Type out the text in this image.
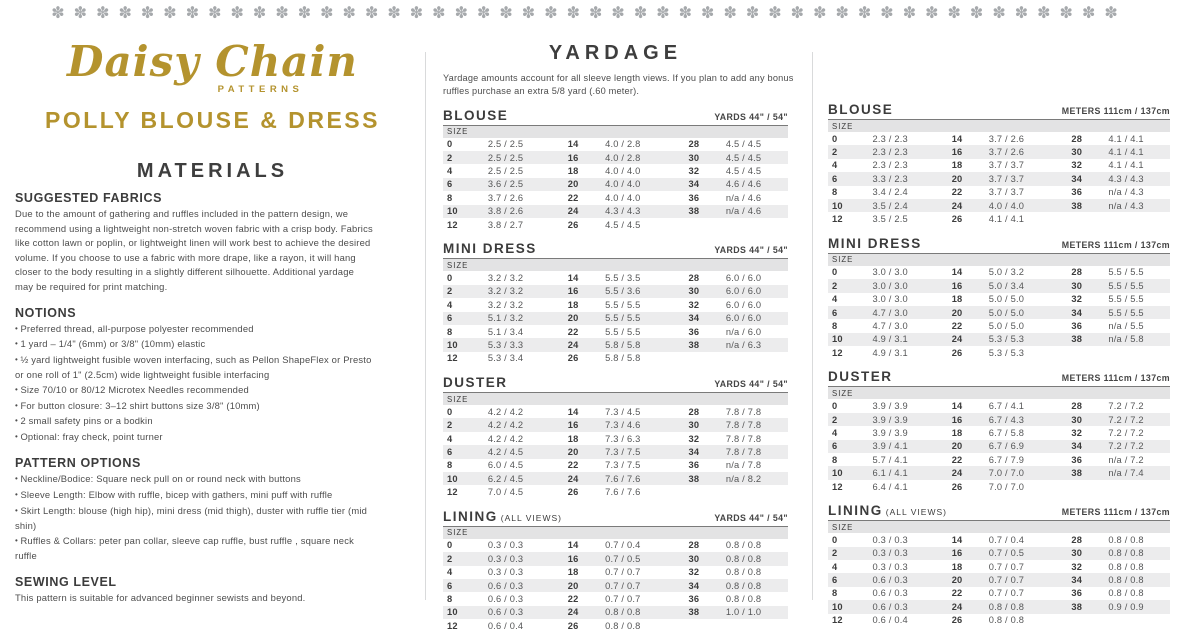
✽✽✽✽✽✽✽✽✽✽✽✽✽✽✽✽✽✽✽✽✽✽✽✽✽✽✽✽✽✽✽✽✽✽✽✽✽✽✽✽✽✽✽✽✽✽✽✽
Daisy Chain
PATTERNS
POLLY BLOUSE & DRESS
MATERIALS
SUGGESTED FABRICS
Due to the amount of gathering and ruffles included in the pattern design, we recommend using a lightweight non-stretch woven fabric with a crisp body. Fabrics like cotton lawn or poplin, or lightweight linen will work best to achieve the desired volume. If you choose to use a fabric with more drape, like a rayon, it will hang closer to the body resulting in a slightly different silhouette. Additional yardage may be required for print matching.
NOTIONS
• Preferred thread, all-purpose polyester recommended
• 1 yard – 1/4" (6mm) or 3/8" (10mm) elastic
• ½ yard lightweight fusible woven interfacing, such as Pellon ShapeFlex or Presto or one roll of 1" (2.5cm) wide lightweight fusible interfacing
• Size 70/10 or 80/12 Microtex Needles recommended
• For button closure: 3–12 shirt buttons size 3/8" (10mm)
• 2 small safety pins or a bodkin
• Optional: fray check, point turner
PATTERN OPTIONS
• Neckline/Bodice: Square neck pull on or round neck with buttons
• Sleeve Length: Elbow with ruffle, bicep with gathers, mini puff with ruffle
• Skirt Length: blouse (high hip), mini dress (mid thigh), duster with ruffle tier (mid shin)
• Ruffles & Collars: peter pan collar, sleeve cap ruffle, bust ruffle , square neck ruffle
SEWING LEVEL
This pattern is suitable for advanced beginner sewists and beyond.
YARDAGE
Yardage amounts account for all sleeve length views. If you plan to add any bonus ruffles purchase an extra 5/8 yard (.60 meter).
BLOUSE	YARDS 44" / 54"
SIZE
0	2.5 / 2.5	14	4.0 / 2.8	28	4.5 / 4.5
2	2.5 / 2.5	16	4.0 / 2.8	30	4.5 / 4.5
4	2.5 / 2.5	18	4.0 / 4.0	32	4.5 / 4.5
6	3.6 / 2.5	20	4.0 / 4.0	34	4.6 / 4.6
8	3.7 / 2.6	22	4.0 / 4.0	36	n/a / 4.6
10	3.8 / 2.6	24	4.3 / 4.3	38	n/a / 4.6
12	3.8 / 2.7	26	4.5 / 4.5
MINI DRESS	YARDS 44" / 54"
SIZE
0	3.2 / 3.2	14	5.5 / 3.5	28	6.0 / 6.0
2	3.2 / 3.2	16	5.5 / 3.6	30	6.0 / 6.0
4	3.2 / 3.2	18	5.5 / 5.5	32	6.0 / 6.0
6	5.1 / 3.2	20	5.5 / 5.5	34	6.0 / 6.0
8	5.1 / 3.4	22	5.5 / 5.5	36	n/a / 6.0
10	5.3 / 3.3	24	5.8 / 5.8	38	n/a / 6.3
12	5.3 / 3.4	26	5.8 / 5.8
DUSTER	YARDS 44" / 54"
SIZE
0	4.2 / 4.2	14	7.3 / 4.5	28	7.8 / 7.8
2	4.2 / 4.2	16	7.3 / 4.6	30	7.8 / 7.8
4	4.2 / 4.2	18	7.3 / 6.3	32	7.8 / 7.8
6	4.2 / 4.5	20	7.3 / 7.5	34	7.8 / 7.8
8	6.0 / 4.5	22	7.3 / 7.5	36	n/a / 7.8
10	6.2 / 4.5	24	7.6 / 7.6	38	n/a / 8.2
12	7.0 / 4.5	26	7.6 / 7.6
LINING (ALL VIEWS)	YARDS 44" / 54"
SIZE
0	0.3 / 0.3	14	0.7 / 0.4	28	0.8 / 0.8
2	0.3 / 0.3	16	0.7 / 0.5	30	0.8 / 0.8
4	0.3 / 0.3	18	0.7 / 0.7	32	0.8 / 0.8
6	0.6 / 0.3	20	0.7 / 0.7	34	0.8 / 0.8
8	0.6 / 0.3	22	0.7 / 0.7	36	0.8 / 0.8
10	0.6 / 0.3	24	0.8 / 0.8	38	1.0 / 1.0
12	0.6 / 0.4	26	0.8 / 0.8
BLOUSE	METERS 111cm / 137cm
SIZE
0	2.3 / 2.3	14	3.7 / 2.6	28	4.1 / 4.1
2	2.3 / 2.3	16	3.7 / 2.6	30	4.1 / 4.1
4	2.3 / 2.3	18	3.7 / 3.7	32	4.1 / 4.1
6	3.3 / 2.3	20	3.7 / 3.7	34	4.3 / 4.3
8	3.4 / 2.4	22	3.7 / 3.7	36	n/a / 4.3
10	3.5 / 2.4	24	4.0 / 4.0	38	n/a / 4.3
12	3.5 / 2.5	26	4.1 / 4.1
MINI DRESS	METERS 111cm / 137cm
SIZE
0	3.0 / 3.0	14	5.0 / 3.2	28	5.5 / 5.5
2	3.0 / 3.0	16	5.0 / 3.4	30	5.5 / 5.5
4	3.0 / 3.0	18	5.0 / 5.0	32	5.5 / 5.5
6	4.7 / 3.0	20	5.0 / 5.0	34	5.5 / 5.5
8	4.7 / 3.0	22	5.0 / 5.0	36	n/a / 5.5
10	4.9 / 3.1	24	5.3 / 5.3	38	n/a / 5.8
12	4.9 / 3.1	26	5.3 / 5.3
DUSTER	METERS 111cm / 137cm
SIZE
0	3.9 / 3.9	14	6.7 / 4.1	28	7.2 / 7.2
2	3.9 / 3.9	16	6.7 / 4.3	30	7.2 / 7.2
4	3.9 / 3.9	18	6.7 / 5.8	32	7.2 / 7.2
6	3.9 / 4.1	20	6.7 / 6.9	34	7.2 / 7.2
8	5.7 / 4.1	22	6.7 / 7.9	36	n/a / 7.2
10	6.1 / 4.1	24	7.0 / 7.0	38	n/a / 7.4
12	6.4 / 4.1	26	7.0 / 7.0
LINING (ALL VIEWS)	METERS 111cm / 137cm
SIZE
0	0.3 / 0.3	14	0.7 / 0.4	28	0.8 / 0.8
2	0.3 / 0.3	16	0.7 / 0.5	30	0.8 / 0.8
4	0.3 / 0.3	18	0.7 / 0.7	32	0.8 / 0.8
6	0.6 / 0.3	20	0.7 / 0.7	34	0.8 / 0.8
8	0.6 / 0.3	22	0.7 / 0.7	36	0.8 / 0.8
10	0.6 / 0.3	24	0.8 / 0.8	38	0.9 / 0.9
12	0.6 / 0.4	26	0.8 / 0.8
